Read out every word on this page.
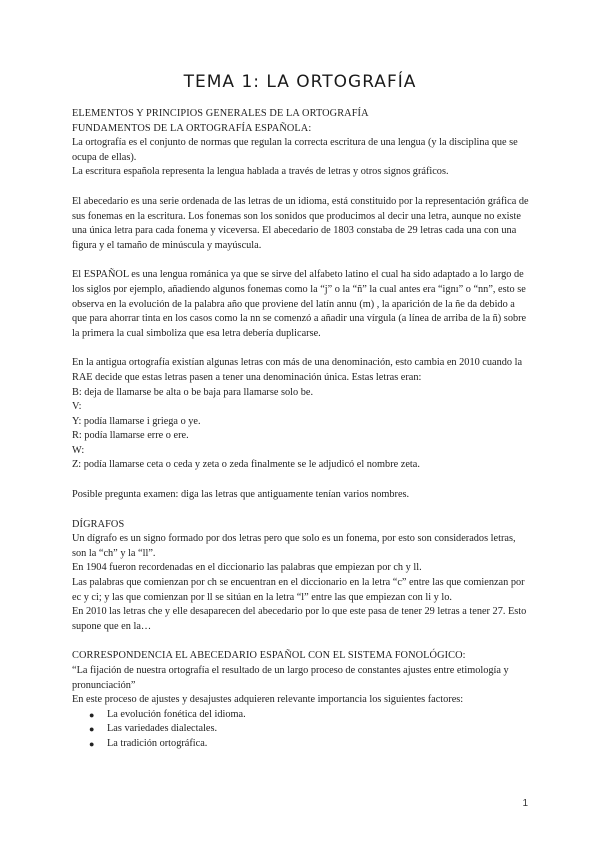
TEMA 1: LA ORTOGRAFÍA

ELEMENTOS Y PRINCIPIOS GENERALES DE LA ORTOGRAFÍA

FUNDAMENTOS DE LA ORTOGRAFÍA ESPAÑOLA:

La ortografía es el conjunto de normas que regulan la correcta escritura de una lengua (y la disciplina que se ocupa de ellas).

La escritura española representa la lengua hablada a través de letras y otros signos gráficos.

El abecedario es una serie ordenada de las letras de un idioma, está constituido por la representación gráfica de sus fonemas en la escritura. Los fonemas son los sonidos que producimos al decir una letra, aunque no existe una única letra para cada fonema y viceversa. El abecedario de 1803 constaba de 29 letras cada una con una figura y el tamaño de minúscula y mayúscula.

El ESPAÑOL es una lengua románica ya que se sirve del alfabeto latino el cual ha sido adaptado a lo largo de los siglos por ejemplo, añadiendo algunos fonemas como la “j” o la “ñ” la cual antes era “ignı” o “nn”, esto se observa en la evolución de la palabra año que proviene del latín annu (m) , la aparición de la ñe da debido a que para ahorrar tinta en los casos como la nn se comenzó a añadir una vírgula (a línea de arriba de la ñ) sobre la primera la cual simboliza que esa letra debería duplicarse.

En la antigua ortografía existían algunas letras con más de una denominación, esto cambia en 2010 cuando la RAE decide que estas letras pasen a tener una denominación única. Estas letras eran:

B: deja de llamarse be alta o be baja para llamarse solo be.

V:

Y: podía llamarse i griega o ye.

R: podía llamarse erre o ere.

W:

Z: podía llamarse ceta o ceda y zeta o zeda finalmente se le adjudicó el nombre zeta.

Posible pregunta examen: diga las letras que antiguamente tenían varios nombres.

DÍGRAFOS

Un dígrafo es un signo formado por dos letras pero que solo es un fonema, por esto son considerados letras, son la “ch” y la “ll”.

En 1904 fueron recordenadas en el diccionario las palabras que empiezan por ch y ll.

Las palabras que comienzan por ch se encuentran en el diccionario en la letra “c” entre las que comienzan por ec y ci; y las que comienzan por ll se sitúan en la letra “l” entre las que empiezan con li y lo.

En 2010 las letras che y elle desaparecen del abecedario por lo que este pasa de tener 29 letras a tener 27. Esto supone que en la…

CORRESPONDENCIA EL ABECEDARIO ESPAÑOL CON EL SISTEMA FONOLÓGICO:

“La fijación de nuestra ortografía el resultado de un largo proceso de constantes ajustes entre etimología y pronunciación”

En este proceso de ajustes y desajustes adquieren relevante importancia los siguientes factores:

● La evolución fonética del idioma.
● Las variedades dialectales.
● La tradición ortográfica.
1
